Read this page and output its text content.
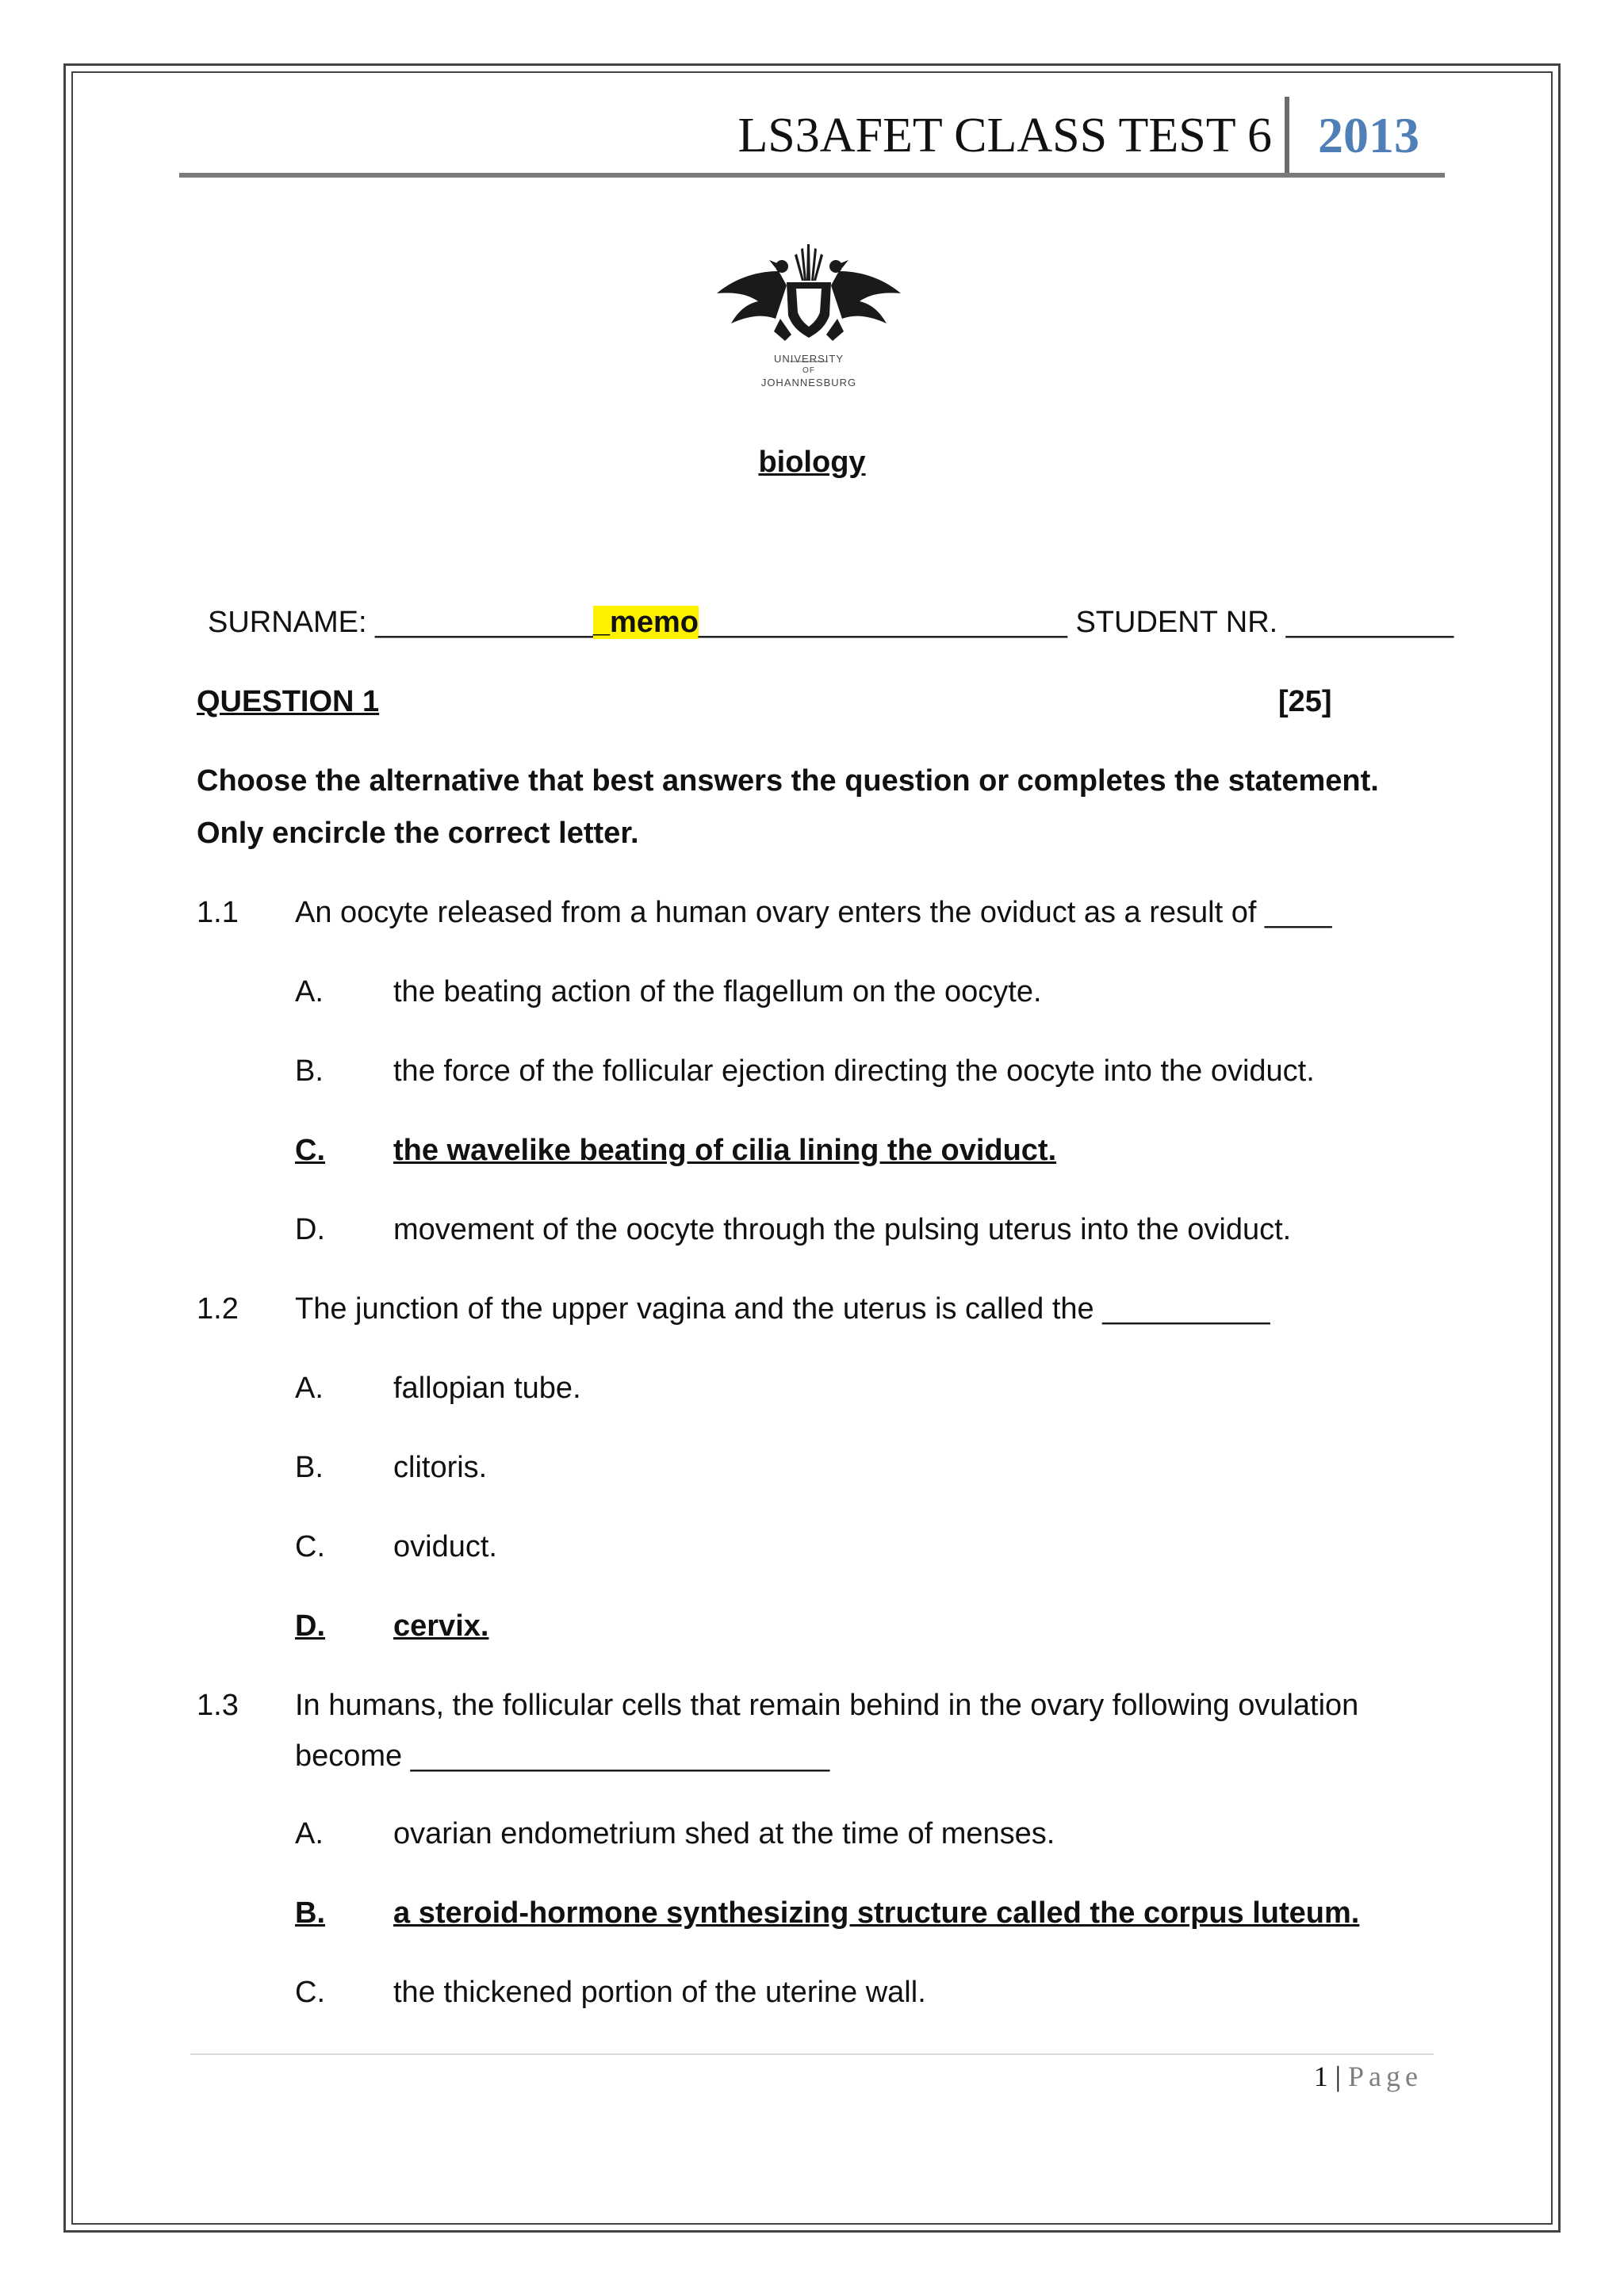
LS3AFET CLASS TEST 6 2013
UNIVERSITY
OF
JOHANNESBURG
biology
SURNAME: ______________memo______________________ STUDENT NR. __________
QUESTION 1	[25]
Choose the alternative that best answers the question or completes the statement.
Only encircle the correct letter.
1.1 An oocyte released from a human ovary enters the oviduct as a result of ____
A. the beating action of the flagellum on the oocyte.
B. the force of the follicular ejection directing the oocyte into the oviduct.
C.	the wavelike beating of cilia lining the oviduct.
D. movement of the oocyte through the pulsing uterus into the oviduct.
1.2 The junction of the upper vagina and the uterus is called the __________
A. fallopian tube.
B. clitoris.
C. oviduct.
D.	cervix.
1.3 In humans, the follicular cells that remain behind in the ovary following ovulation
become _________________________
A. ovarian endometrium shed at the time of menses.
B.	a steroid-hormone synthesizing structure called the corpus luteum.
C. the thickened portion of the uterine wall.
1 | Page
